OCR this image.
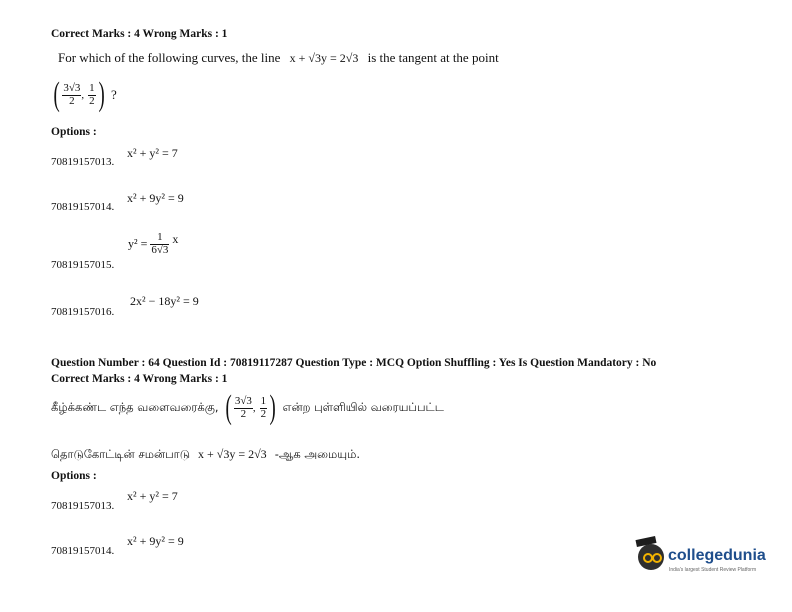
Correct Marks : 4 Wrong Marks : 1
For which of the following curves, the line x + √3y = 2√3 is the tangent at the point
( $\frac{3√3}{2}$ , $\frac{1}{2}$ ) ?
Options :
70819157013.
x² + y² = 7
70819157014.
x² + 9y² = 9
70819157015.
$y^2 = \frac{1}{6√3}$ x
70819157016.
2x² − 18y² = 9
Question Number : 64 Question Id : 70819117287 Question Type : MCQ Option Shuffling : Yes Is Question Mandatory : No
Correct Marks : 4 Wrong Marks : 1
கீழ்க்கண்ட எந்த வளைவரைக்கு, ( $\frac{3√3}{2}$ , $\frac{1}{2}$ ) என்ற புள்ளியில் வரையப்பட்ட
தொடுகோட்டின் சமன்பாடு x + √3y = 2√3 -ஆக அமையும்.
Options :
70819157013.
x² + y² = 7
70819157014.
x² + 9y² = 9
collegedunia
India's largest Student Review Platform
